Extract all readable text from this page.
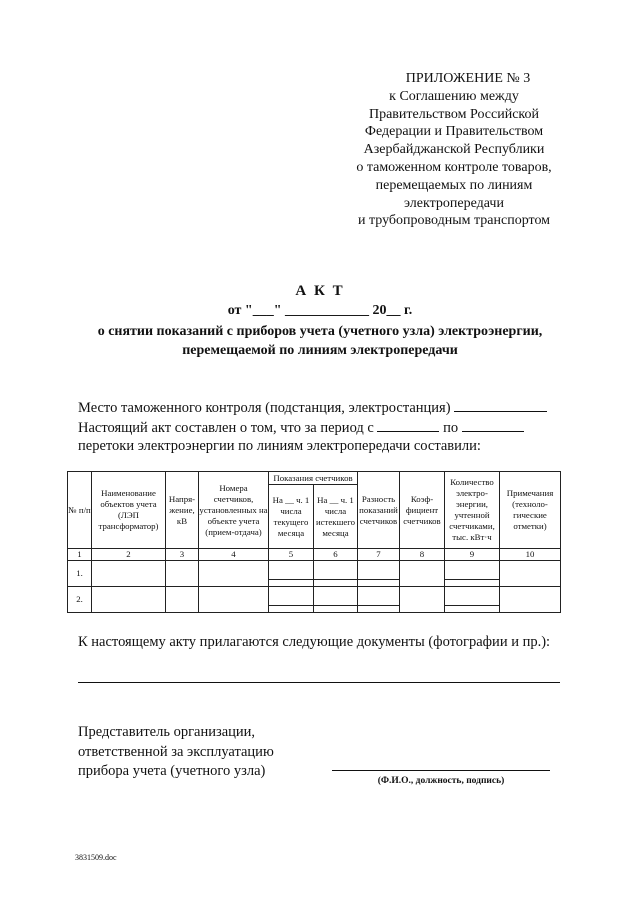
ПРИЛОЖЕНИЕ № 3
к Соглашению между
Правительством Российской
Федерации и Правительством
Азербайджанской Республики
о таможенном контроле товаров,
перемещаемых по линиям
электропередачи
и трубопроводным транспортом
А К Т
от "___" ____________ 20__ г.
о снятии показаний с приборов учета (учетного узла) электроэнергии,
перемещаемой по линиям электропередачи
Место таможенного контроля (подстанция, электростанция)
Настоящий акт составлен о том, что за период с	по
перетоки электроэнергии по линиям электропередачи составили:
№ п/п	Наименование объектов учета (ЛЭП трансформатор)	Напря-жение, кВ	Номера счетчиков, установленных на объекте учета (прием-отдача)	Показания счетчиков		Разность показаний счетчиков	Коэф-фициент счетчиков	Количество электро-энергии, учтенной счетчиками, тыс. кВт·ч	Примечания (техноло-гические отметки)
				На __ ч. 1 числа текущего месяца	На __ ч. 1 числа истекшего месяца				
1	2	3	4	5	6	7	8	9	10
1.				

2.				

К настоящему акту прилагаются следующие документы (фотографии и пр.):
Представитель организации,
ответственной за эксплуатацию
прибора учета (учетного узла)
(Ф.И.О., должность, подпись)
3831509.doc
